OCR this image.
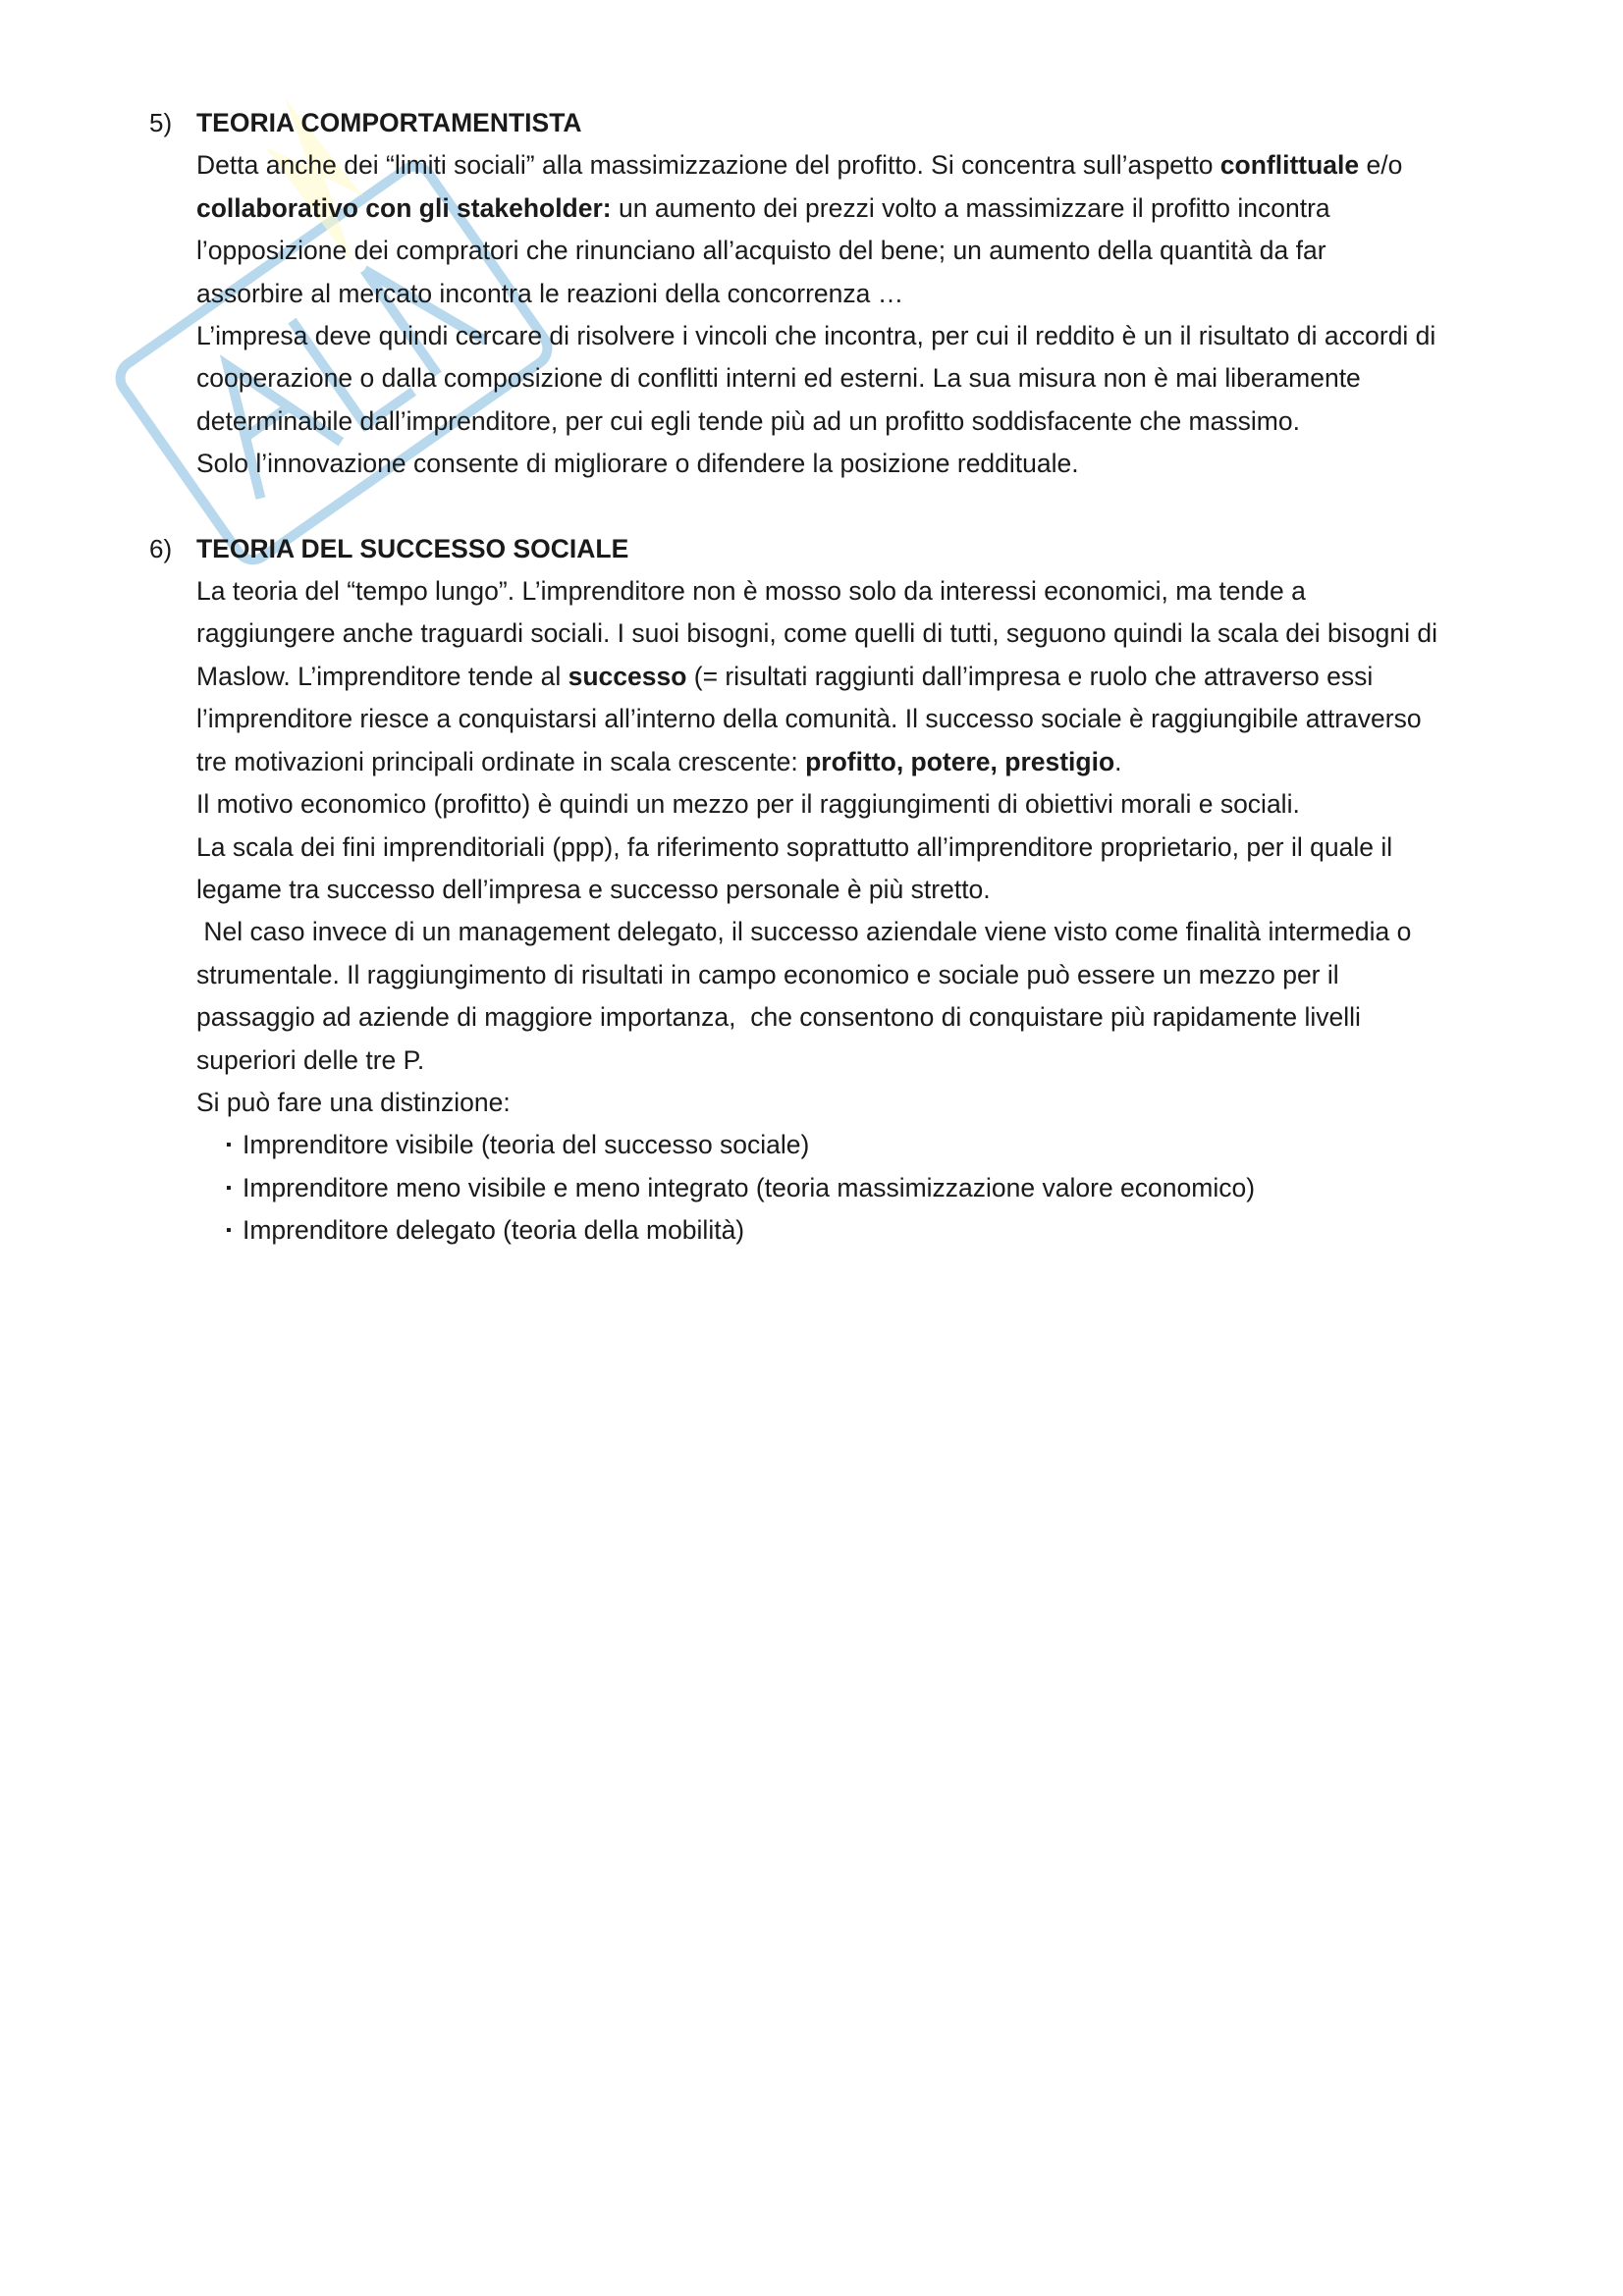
5) TEORIA COMPORTAMENTISTA
Detta anche dei “limiti sociali” alla massimizzazione del profitto. Si concentra sull’aspetto conflittuale e/o
collaborativo con gli stakeholder: un aumento dei prezzi volto a massimizzare il profitto incontra
l’opposizione dei compratori che rinunciano all’acquisto del bene; un aumento della quantità da far
assorbire al mercato incontra le reazioni della concorrenza …
L’impresa deve quindi cercare di risolvere i vincoli che incontra, per cui il reddito è un il risultato di accordi di
cooperazione o dalla composizione di conflitti interni ed esterni. La sua misura non è mai liberamente
determinabile dall’imprenditore, per cui egli tende più ad un profitto soddisfacente che massimo.
Solo l’innovazione consente di migliorare o difendere la posizione reddituale.
6) TEORIA DEL SUCCESSO SOCIALE
La teoria del “tempo lungo”. L’imprenditore non è mosso solo da interessi economici, ma tende a
raggiungere anche traguardi sociali. I suoi bisogni, come quelli di tutti, seguono quindi la scala dei bisogni di
Maslow. L’imprenditore tende al successo (= risultati raggiunti dall’impresa e ruolo che attraverso essi
l’imprenditore riesce a conquistarsi all’interno della comunità. Il successo sociale è raggiungibile attraverso
tre motivazioni principali ordinate in scala crescente: profitto, potere, prestigio.
Il motivo economico (profitto) è quindi un mezzo per il raggiungimenti di obiettivi morali e sociali.
La scala dei fini imprenditoriali (ppp), fa riferimento soprattutto all’imprenditore proprietario, per il quale il
legame tra successo dell’impresa e successo personale è più stretto.
Nel caso invece di un management delegato, il successo aziendale viene visto come finalità intermedia o
strumentale. Il raggiungimento di risultati in campo economico e sociale può essere un mezzo per il
passaggio ad aziende di maggiore importanza,  che consentono di conquistare più rapidamente livelli
superiori delle tre P.
Si può fare una distinzione:
▪ Imprenditore visibile (teoria del successo sociale)
▪ Imprenditore meno visibile e meno integrato (teoria massimizzazione valore economico)
▪ Imprenditore delegato (teoria della mobilità)
